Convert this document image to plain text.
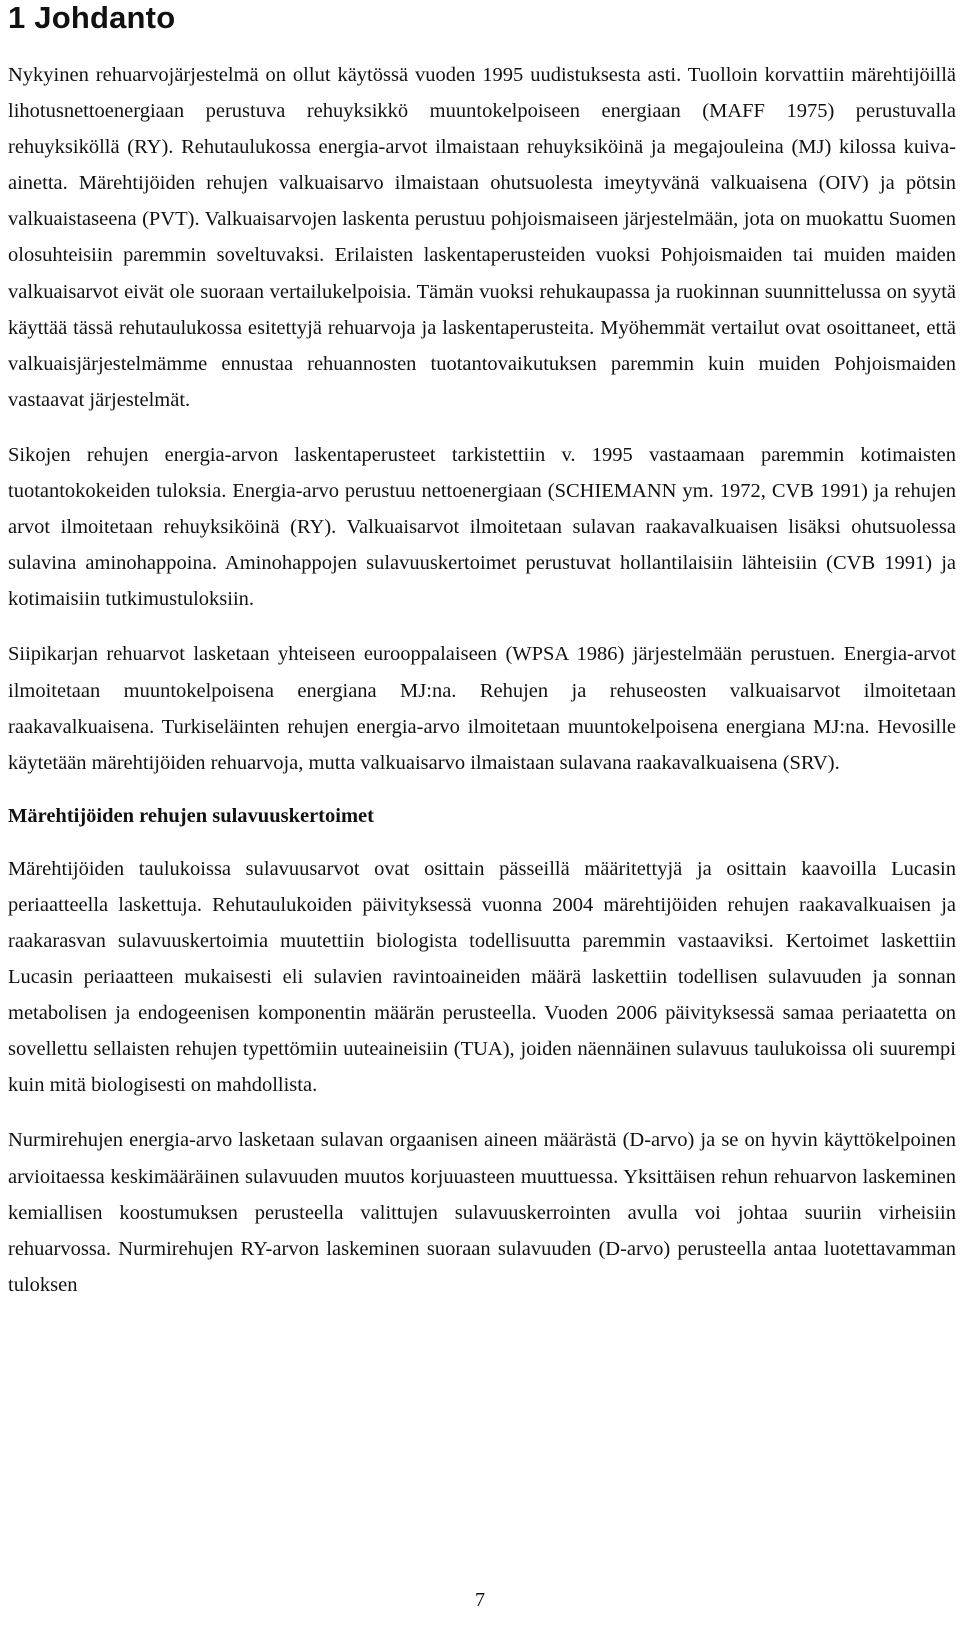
1 Johdanto

Nykyinen rehuarvojärjestelmä on ollut käytössä vuoden 1995 uudistuksesta asti. Tuolloin korvattiin märehtijöillä lihotusnettoenergiaan perustuva rehuyksikkö muuntokelpoiseen energiaan (MAFF 1975) perustuvalla rehuyksiköllä (RY). Rehutaulukossa energia-arvot ilmaistaan rehuyksiköinä ja megajouleina (MJ) kilossa kuiva-ainetta. Märehtijöiden rehujen valkuaisarvo ilmaistaan ohutsuolesta imeytyvänä valkuaisena (OIV) ja pötsin valkuaistaseena (PVT). Valkuaisarvojen laskenta perustuu pohjoismaiseen järjestelmään, jota on muokattu Suomen olosuhteisiin paremmin soveltuvaksi. Erilaisten laskentaperusteiden vuoksi Pohjoismaiden tai muiden maiden valkuaisarvot eivät ole suoraan vertailukelpoisia. Tämän vuoksi rehukaupassa ja ruokinnan suunnittelussa on syytä käyttää tässä rehutaulukossa esitettyjä rehuarvoja ja laskentaperusteita. Myöhemmät vertailut ovat osoittaneet, että valkuaisjärjestelmämme ennustaa rehuannosten tuotantovaikutuksen paremmin kuin muiden Pohjoismaiden vastaavat järjestelmät.

Sikojen rehujen energia-arvon laskentaperusteet tarkistettiin v. 1995 vastaamaan paremmin kotimaisten tuotantokokeiden tuloksia. Energia-arvo perustuu nettoenergiaan (SCHIEMANN ym. 1972, CVB 1991) ja rehujen arvot ilmoitetaan rehuyksiköinä (RY). Valkuaisarvot ilmoitetaan sulavan raakavalkuaisen lisäksi ohutsuolessa sulavina aminohappoina. Aminohappojen sulavuuskertoimet perustuvat hollantilaisiin lähteisiin (CVB 1991) ja kotimaisiin tutkimustuloksiin.

Siipikarjan rehuarvot lasketaan yhteiseen eurooppalaiseen (WPSA 1986) järjestelmään perustuen. Energia-arvot ilmoitetaan muuntokelpoisena energiana MJ:na. Rehujen ja rehuseosten valkuaisarvot ilmoitetaan raakavalkuaisena. Turkiseläinten rehujen energia-arvo ilmoitetaan muuntokelpoisena energiana MJ:na. Hevosille käytetään märehtijöiden rehuarvoja, mutta valkuaisarvo ilmaistaan sulavana raakavalkuaisena (SRV).

Märehtijöiden rehujen sulavuuskertoimet

Märehtijöiden taulukoissa sulavuusarvot ovat osittain pässeillä määritettyjä ja osittain kaavoilla Lucasin periaatteella laskettuja. Rehutaulukoiden päivityksessä vuonna 2004 märehtijöiden rehujen raakavalkuaisen ja raakarasvan sulavuuskertoimia muutettiin biologista todellisuutta paremmin vastaaviksi. Kertoimet laskettiin Lucasin periaatteen mukaisesti eli sulavien ravintoaineiden määrä laskettiin todellisen sulavuuden ja sonnan metabolisen ja endogeenisen komponentin määrän perusteella. Vuoden 2006 päivityksessä samaa periaatetta on sovellettu sellaisten rehujen typettömiin uuteaineisiin (TUA), joiden näennäinen sulavuus taulukoissa oli suurempi kuin mitä biologisesti on mahdollista.

Nurmirehujen energia-arvo lasketaan sulavan orgaanisen aineen määrästä (D-arvo) ja se on hyvin käyttökelpoinen arvioitaessa keskimääräinen sulavuuden muutos korjuuasteen muuttuessa. Yksittäisen rehun rehuarvon laskeminen kemiallisen koostumuksen perusteella valittujen sulavuuskerrointen avulla voi johtaa suuriin virheisiin rehuarvossa. Nurmirehujen RY-arvon laskeminen suoraan sulavuuden (D-arvo) perusteella antaa luotettavamman tuloksen

7
